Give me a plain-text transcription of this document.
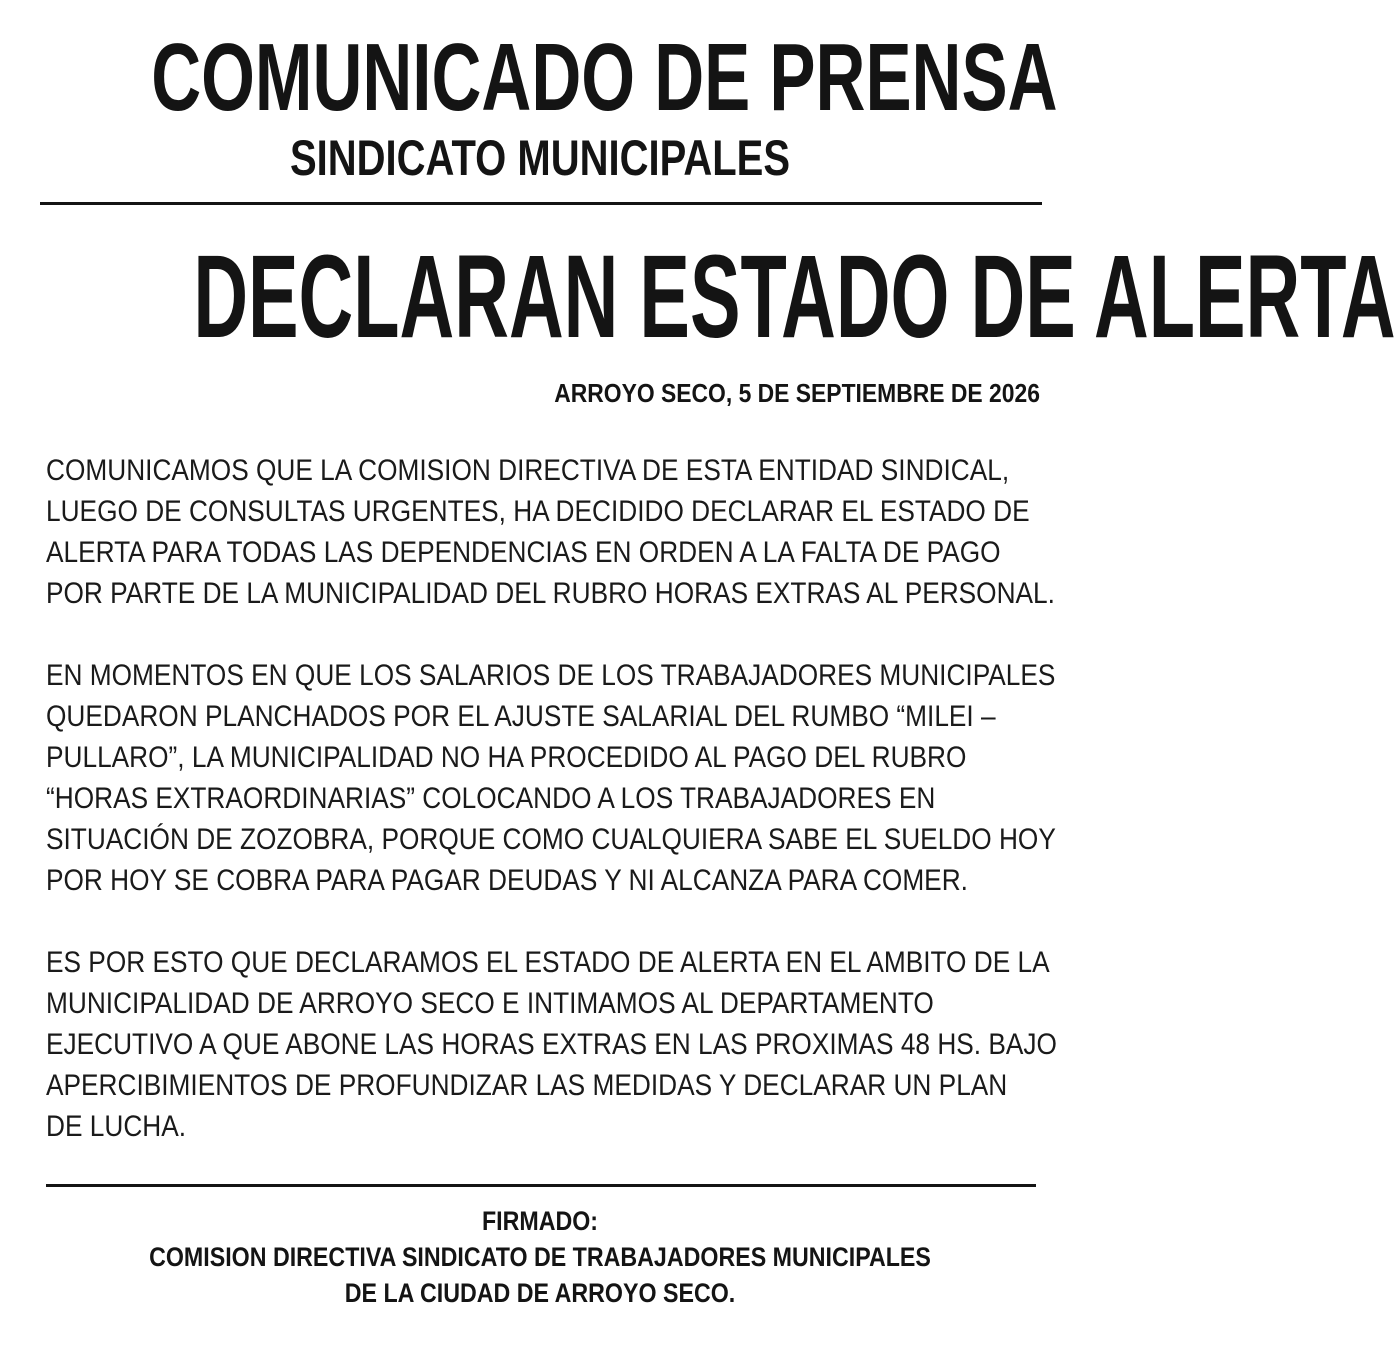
COMUNICADO DE PRENSA
SINDICATO MUNICIPALES
DECLARAN ESTADO DE ALERTA
ARROYO SECO, 5 DE SEPTIEMBRE DE 2026
COMUNICAMOS QUE LA COMISION DIRECTIVA DE ESTA ENTIDAD SINDICAL,
LUEGO DE CONSULTAS URGENTES, HA DECIDIDO DECLARAR EL ESTADO DE
ALERTA PARA TODAS LAS DEPENDENCIAS EN ORDEN A LA FALTA DE PAGO
POR PARTE DE LA MUNICIPALIDAD DEL RUBRO HORAS EXTRAS AL PERSONAL.
EN MOMENTOS EN QUE LOS SALARIOS DE LOS TRABAJADORES MUNICIPALES
QUEDARON PLANCHADOS POR EL AJUSTE SALARIAL DEL RUMBO “MILEI –
PULLARO”, LA MUNICIPALIDAD NO HA PROCEDIDO AL PAGO DEL RUBRO
“HORAS EXTRAORDINARIAS” COLOCANDO A LOS TRABAJADORES EN
SITUACIÓN DE ZOZOBRA, PORQUE COMO CUALQUIERA SABE EL SUELDO HOY
POR HOY SE COBRA PARA PAGAR DEUDAS Y NI ALCANZA PARA COMER.
ES POR ESTO QUE DECLARAMOS EL ESTADO DE ALERTA EN EL AMBITO DE LA
MUNICIPALIDAD DE ARROYO SECO E INTIMAMOS AL DEPARTAMENTO
EJECUTIVO A QUE ABONE LAS HORAS EXTRAS EN LAS PROXIMAS 48 HS. BAJO
APERCIBIMIENTOS DE PROFUNDIZAR LAS MEDIDAS Y DECLARAR UN PLAN
DE LUCHA.
FIRMADO:
COMISION DIRECTIVA SINDICATO DE TRABAJADORES MUNICIPALES
DE LA CIUDAD DE ARROYO SECO.
